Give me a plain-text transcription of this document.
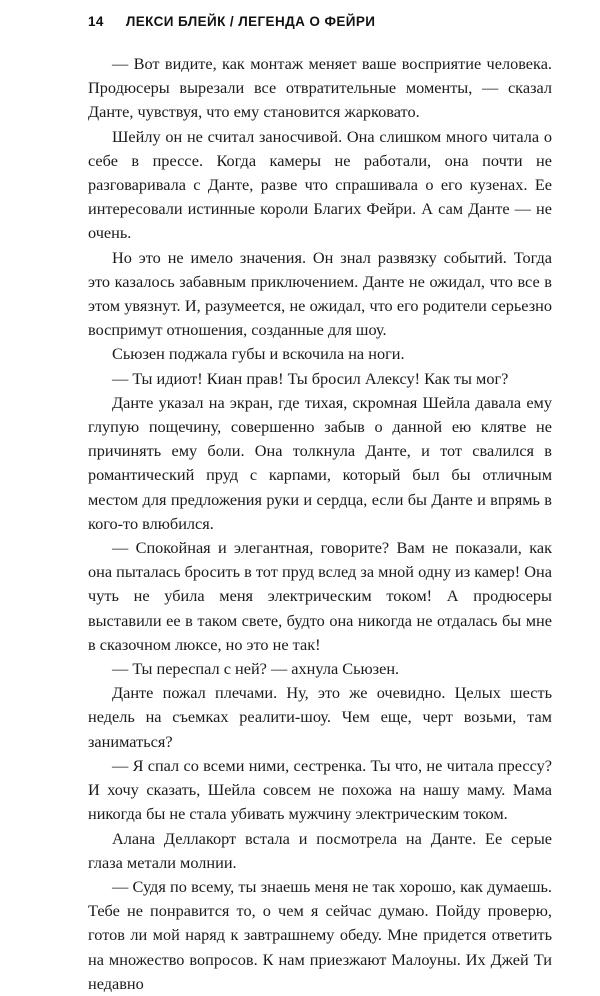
14 ЛЕКСИ БЛЕЙК / ЛЕГЕНДА О ФЕЙРИ

— Вот видите, как монтаж меняет ваше восприятие человека. Продюсеры вырезали все отвратительные моменты, — сказал Данте, чувствуя, что ему становится жарковато.

Шейлу он не считал заносчивой. Она слишком много читала о себе в прессе. Когда камеры не работали, она почти не разговаривала с Данте, разве что спрашивала о его кузенах. Ее интересовали истинные короли Благих Фейри. А сам Данте — не очень.

Но это не имело значения. Он знал развязку событий. Тогда это казалось забавным приключением. Данте не ожидал, что все в этом увязнут. И, разумеется, не ожидал, что его родители серьезно воспримут отношения, созданные для шоу.

Сьюзен поджала губы и вскочила на ноги.

— Ты идиот! Киан прав! Ты бросил Алексу! Как ты мог?

Данте указал на экран, где тихая, скромная Шейла давала ему глупую пощечину, совершенно забыв о данной ею клятве не причинять ему боли. Она толкнула Данте, и тот свалился в романтический пруд с карпами, который был бы отличным местом для предложения руки и сердца, если бы Данте и впрямь в кого-то влюбился.

— Спокойная и элегантная, говорите? Вам не показали, как она пыталась бросить в тот пруд вслед за мной одну из камер! Она чуть не убила меня электрическим током! А продюсеры выставили ее в таком свете, будто она никогда не отдалась бы мне в сказочном люксе, но это не так!

— Ты переспал с ней? — ахнула Сьюзен.

Данте пожал плечами. Ну, это же очевидно. Целых шесть недель на съемках реалити-шоу. Чем еще, черт возьми, там заниматься?

— Я спал со всеми ними, сестренка. Ты что, не читала прессу? И хочу сказать, Шейла совсем не похожа на нашу маму. Мама никогда бы не стала убивать мужчину электрическим током.

Алана Деллакорт встала и посмотрела на Данте. Ее серые глаза метали молнии.

— Судя по всему, ты знаешь меня не так хорошо, как думаешь. Тебе не понравится то, о чем я сейчас думаю. Пойду проверю, готов ли мой наряд к завтрашнему обеду. Мне придется ответить на множество вопросов. К нам приезжают Малоуны. Их Джей Ти недавно
